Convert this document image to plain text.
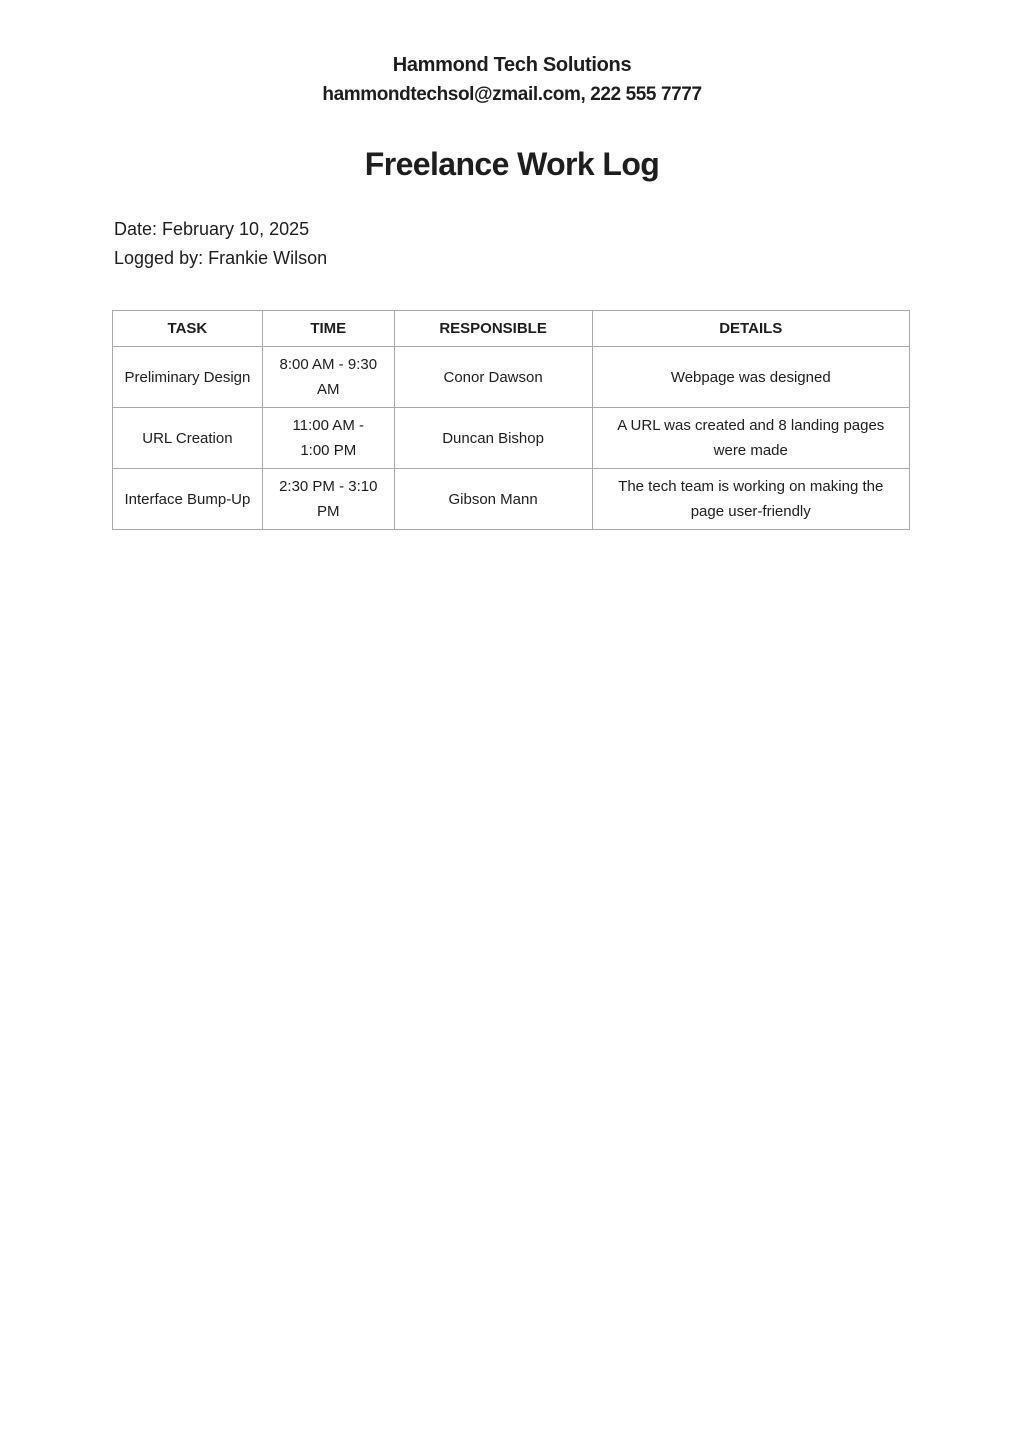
Hammond Tech Solutions
hammondtechsol@zmail.com, 222 555 7777
Freelance Work Log
Date: February 10, 2025
Logged by: Frankie Wilson
TASK	TIME	RESPONSIBLE	DETAILS
Preliminary Design	8:00 AM - 9:30 AM	Conor Dawson	Webpage was designed
URL Creation	11:00 AM - 1:00 PM	Duncan Bishop	A URL was created and 8 landing pages were made
Interface Bump-Up	2:30 PM - 3:10 PM	Gibson Mann	The tech team is working on making the page user-friendly
